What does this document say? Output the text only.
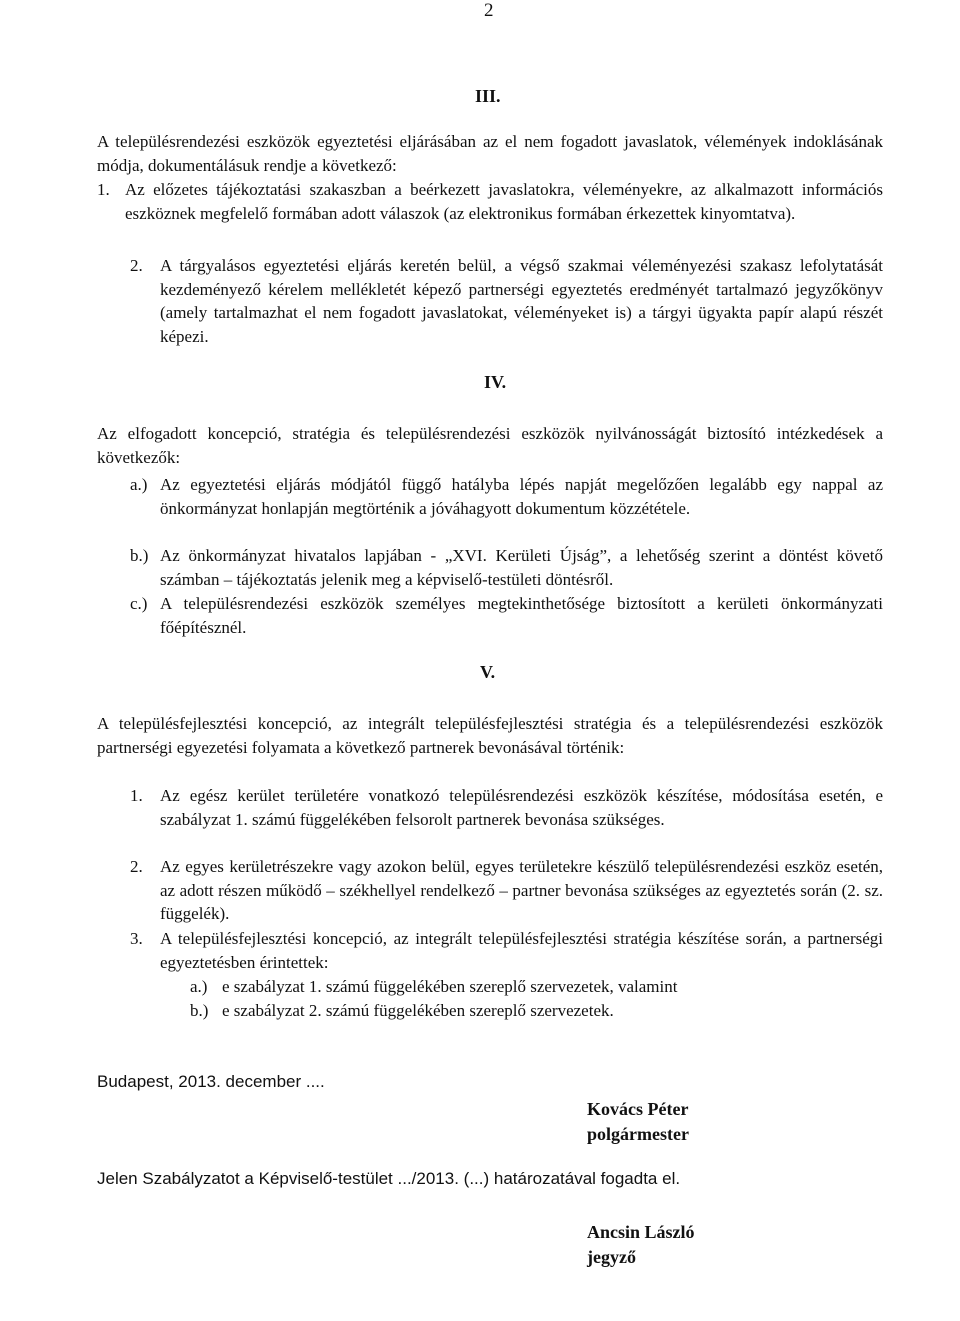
2
III.
A településrendezési eszközök egyeztetési eljárásában az el nem fogadott javaslatok, vélemények indoklásának módja, dokumentálásuk rendje a következő:
1. Az előzetes tájékoztatási szakaszban a beérkezett javaslatokra, véleményekre, az alkalmazott információs eszköznek megfelelő formában adott válaszok (az elektronikus formában érkezettek kinyomtatva).
2. A tárgyalásos egyeztetési eljárás keretén belül, a végső szakmai véleményezési szakasz lefolytatását kezdeményező kérelem mellékletét képező partnerségi egyeztetés eredményét tartalmazó jegyzőkönyv (amely tartalmazhat el nem fogadott javaslatokat, véleményeket is) a tárgyi ügyakta papír alapú részét képezi.
IV.
Az elfogadott koncepció, stratégia és településrendezési eszközök nyilvánosságát biztosító intézkedések a következők:
a.) Az egyeztetési eljárás módjától függő hatályba lépés napját megelőzően legalább egy nappal az önkormányzat honlapján megtörténik a jóváhagyott dokumentum közzététele.
b.) Az önkormányzat hivatalos lapjában - „XVI. Kerületi Újság”, a lehetőség szerint a döntést követő számban – tájékoztatás jelenik meg a képviselő-testületi döntésről.
c.) A településrendezési eszközök személyes megtekinthetősége biztosított a kerületi önkormányzati főépítésznél.
V.
A településfejlesztési koncepció, az integrált településfejlesztési stratégia és a településrendezési eszközök partnerségi egyezetési folyamata a következő partnerek bevonásával történik:
1. Az egész kerület területére vonatkozó településrendezési eszközök készítése, módosítása esetén, e szabályzat 1. számú függelékében felsorolt partnerek bevonása szükséges.
2. Az egyes kerületrészekre vagy azokon belül, egyes területekre készülő településrendezési eszköz esetén, az adott részen működő – székhellyel rendelkező – partner bevonása szükséges az egyeztetés során (2. sz. függelék).
3. A településfejlesztési koncepció, az integrált településfejlesztési stratégia készítése során, a partnerségi egyeztetésben érintettek:
a.) e szabályzat 1. számú függelékében szereplő szervezetek, valamint
b.) e szabályzat 2. számú függelékében szereplő szervezetek.
Budapest, 2013. december ....
Kovács Péter
polgármester
Jelen Szabályzatot a Képviselő-testület .../2013. (...) határozatával fogadta el.
Ancsin László
jegyző
